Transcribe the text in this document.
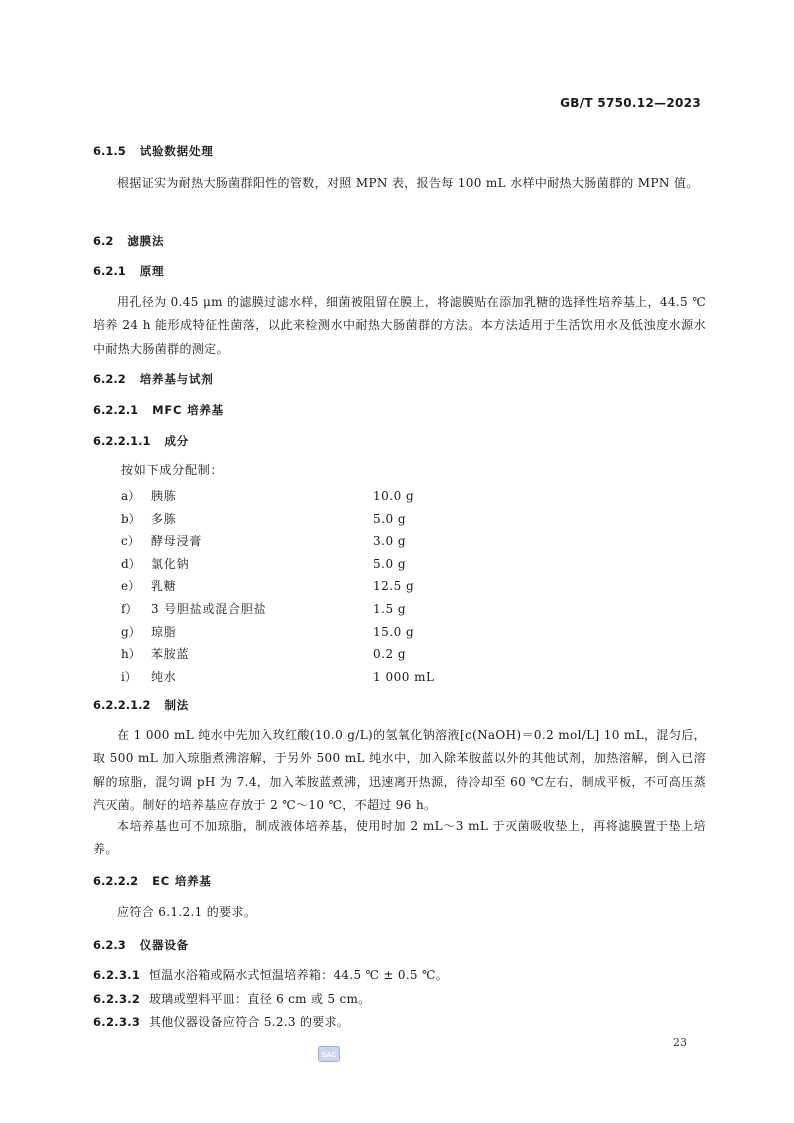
GB/T 5750.12—2023
6.1.5 试验数据处理

根据证实为耐热大肠菌群阳性的管数，对照 MPN 表，报告每 100 mL 水样中耐热大肠菌群的 MPN 值。

6.2 滤膜法
6.2.1 原理

用孔径为 0.45 μm 的滤膜过滤水样，细菌被阻留在膜上，将滤膜贴在添加乳糖的选择性培养基上，44.5 ℃培养 24 h 能形成特征性菌落，以此来检测水中耐热大肠菌群的方法。本方法适用于生活饮用水及低浊度水源水中耐热大肠菌群的测定。

6.2.2 培养基与试剂
6.2.2.1 MFC 培养基
6.2.2.1.1 成分
按如下成分配制：
a） 胰胨	10.0 g
b） 多胨	5.0 g
c） 酵母浸膏	3.0 g
d） 氯化钠	5.0 g
e） 乳糖	12.5 g
f）	3 号胆盐或混合胆盐	1.5 g
g） 琼脂	15.0 g
h） 苯胺蓝	0.2 g
i）	纯水	1 000 mL
6.2.2.1.2 制法

在 1 000 mL 纯水中先加入玫红酸(10.0 g/L)的氢氧化钠溶液[c(NaOH)＝0.2 mol/L] 10 mL，混匀后，取 500 mL 加入琼脂煮沸溶解，于另外 500 mL 纯水中，加入除苯胺蓝以外的其他试剂，加热溶解，倒入已溶解的琼脂，混匀调 pH 为 7.4，加入苯胺蓝煮沸，迅速离开热源，待冷却至 60 ℃左右，制成平板，不可高压蒸汽灭菌。制好的培养基应存放于 2 ℃～10 ℃，不超过 96 h。

本培养基也可不加琼脂，制成液体培养基，使用时加 2 mL～3 mL 于灭菌吸收垫上，再将滤膜置于垫上培养。

6.2.2.2 EC 培养基

应符合 6.1.2.1 的要求。

6.2.3 仪器设备
6.2.3.1 恒温水浴箱或隔水式恒温培养箱：44.5 ℃ ± 0.5 ℃。
6.2.3.2 玻璃或塑料平皿：直径 6 cm 或 5 cm。
6.2.3.3 其他仪器设备应符合 5.2.3 的要求。
23
SAC
